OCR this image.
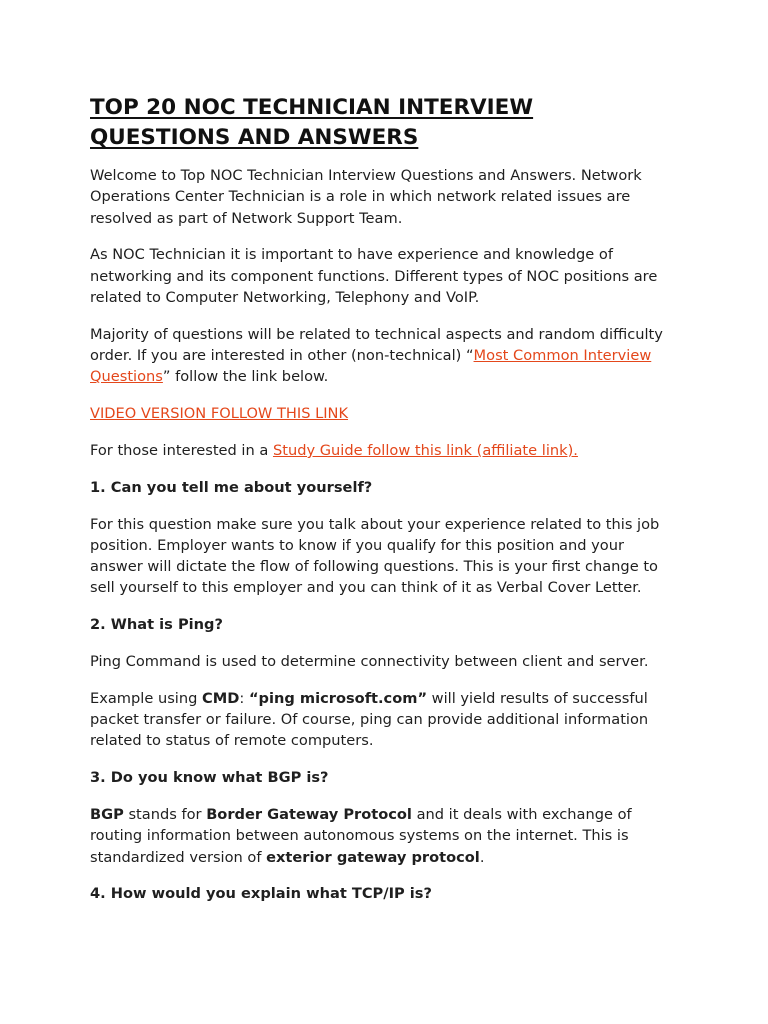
TOP 20 NOC TECHNICIAN INTERVIEW QUESTIONS AND ANSWERS

Welcome to Top NOC Technician Interview Questions and Answers. Network Operations Center Technician is a role in which network related issues are resolved as part of Network Support Team.

As NOC Technician it is important to have experience and knowledge of networking and its component functions. Different types of NOC positions are related to Computer Networking, Telephony and VoIP.

Majority of questions will be related to technical aspects and random difficulty order. If you are interested in other (non-technical) “Most Common Interview Questions” follow the link below.

VIDEO VERSION FOLLOW THIS LINK

For those interested in a Study Guide follow this link (affiliate link).

1. Can you tell me about yourself?

For this question make sure you talk about your experience related to this job position. Employer wants to know if you qualify for this position and your answer will dictate the flow of following questions. This is your first change to sell yourself to this employer and you can think of it as Verbal Cover Letter.

2. What is Ping?

Ping Command is used to determine connectivity between client and server.

Example using CMD: “ping microsoft.com” will yield results of successful packet transfer or failure. Of course, ping can provide additional information related to status of remote computers.

3. Do you know what BGP is?

BGP stands for Border Gateway Protocol and it deals with exchange of routing information between autonomous systems on the internet. This is standardized version of exterior gateway protocol.

4. How would you explain what TCP/IP is?
